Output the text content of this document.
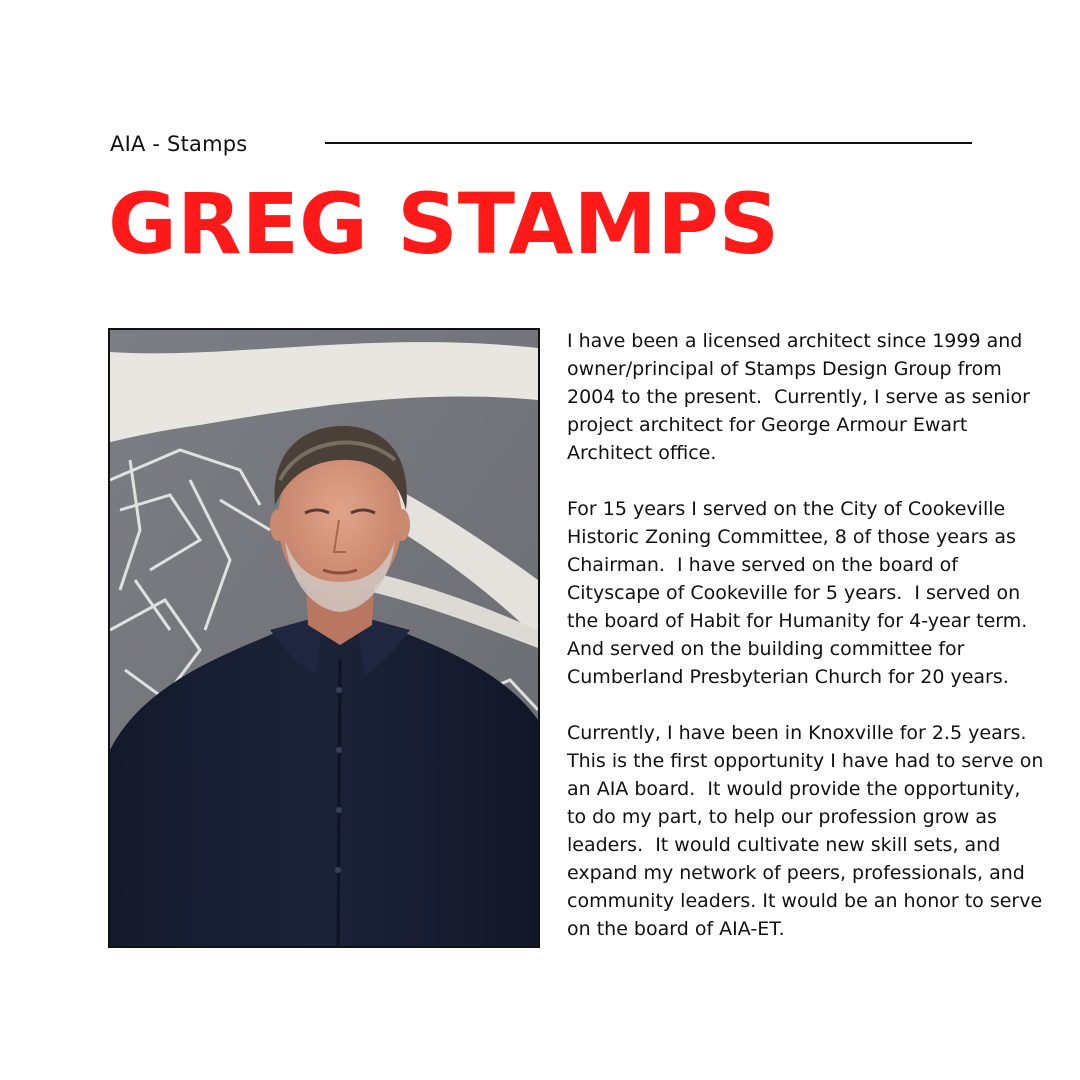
AIA - Stamps
GREG STAMPS

I have been a licensed architect since 1999 and owner/principal of Stamps Design Group from 2004 to the present.  Currently, I serve as senior project architect for George Armour Ewart Architect office.

For 15 years I served on the City of Cookeville Historic Zoning Committee, 8 of those years as Chairman.  I have served on the board of Cityscape of Cookeville for 5 years.  I served on the board of Habit for Humanity for 4-year term.  And served on the building committee for Cumberland Presbyterian Church for 20 years.

Currently, I have been in Knoxville for 2.5 years.  This is the first opportunity I have had to serve on an AIA board.  It would provide the opportunity, to do my part, to help our profession grow as leaders.  It would cultivate new skill sets, and expand my network of peers, professionals, and community leaders. It would be an honor to serve on the board of AIA-ET.
